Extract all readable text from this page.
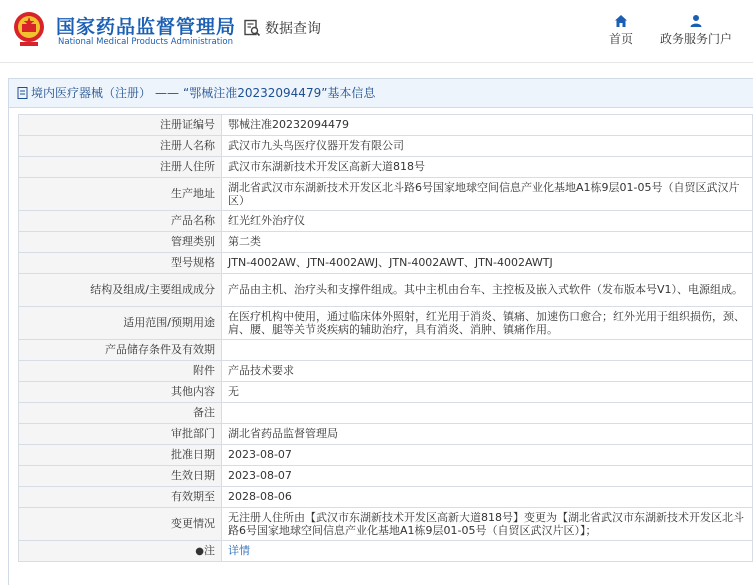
国家药品监督管理局
National Medical Products Administration
数据查询
首页 政务服务门户
境内医疗器械（注册） —— “鄂械注准20232094479”基本信息
注册证编号	鄂械注准20232094479
注册人名称	武汉市九头鸟医疗仪器开发有限公司
注册人住所	武汉市东湖新技术开发区高新大道818号
生产地址	湖北省武汉市东湖新技术开发区北斗路6号国家地球空间信息产业化基地A1栋9层01-05号（自贸区武汉片区）
产品名称	红光红外治疗仪
管理类别	第二类
型号规格	JTN-4002AW、JTN-4002AWJ、JTN-4002AWT、JTN-4002AWTJ
结构及组成/主要组成成分	产品由主机、治疗头和支撑件组成。其中主机由台车、主控板及嵌入式软件（发布版本号V1）、电源组成。
适用范围/预期用途	在医疗机构中使用，通过临床体外照射，红光用于消炎、镇痛、加速伤口愈合；红外光用于组织损伤，颈、肩、腰、腿等关节炎疾病的辅助治疗，具有消炎、消肿、镇痛作用。
产品储存条件及有效期	
附件	产品技术要求
其他内容	无
备注	
审批部门	湖北省药品监督管理局
批准日期	2023-08-07
生效日期	2023-08-07
有效期至	2028-08-06
变更情况	无注册人住所由【武汉市东湖新技术开发区高新大道818号】变更为【湖北省武汉市东湖新技术开发区北斗路6号国家地球空间信息产业化基地A1栋9层01-05号（自贸区武汉片区）】；
●注	详情
